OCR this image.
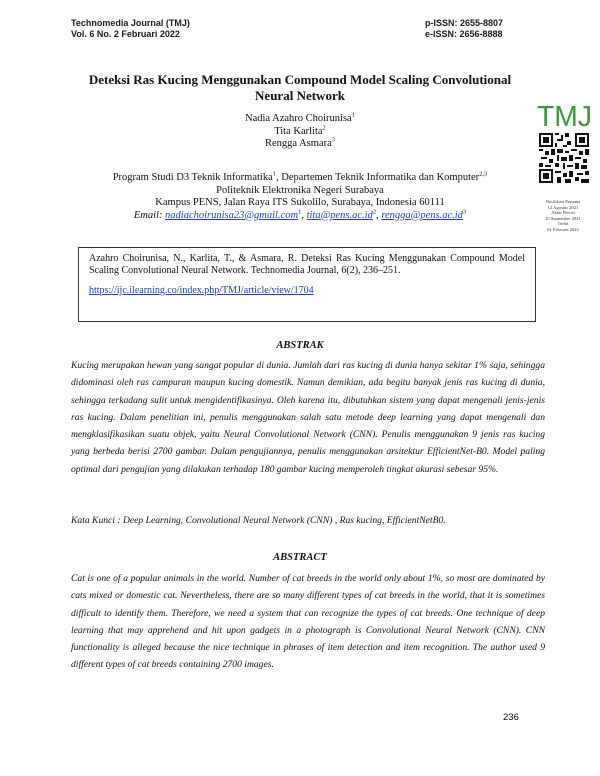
Technomedia Journal (TMJ)
Vol. 6 No. 2 Februari 2022
p-ISSN: 2655-8807
e-ISSN: 2656-8888
Deteksi Ras Kucing Menggunakan Compound Model Scaling Convolutional
Neural Network
Nadia Azahro Choirunisa$^1$
Tita Karlita$^2$
Rengga Asmara$^3$
Program Studi D3 Teknik Informatika$^1$, Departemen Teknik Informatika dan Komputer$^{2,3}$
Politeknik Elektronika Negeri Surabaya
Kampus PENS, Jalan Raya ITS Sukolilo, Surabaya, Indonesia 60111
Email: nadiachoirunisa23@gmail.com$^1$, $tita@pens.ac.id^2$, $rengga@pens.ac.id^3$
TMJ
Notifikasi Pertama
12 Agustus 2021
Akhir Revisi
25 September 2021
Terbit
01 Februari 2022
Azahro Choirunisa, N., Karlita, T., & Asmara, R. Deteksi Ras Kucing Menggunakan Compound Model Scaling Convolutional Neural Network. Technomedia Journal, 6(2), 236–251.
https://ijc.ilearning.co/index.php/TMJ/article/view/1704
ABSTRAK
Kucing merupakan hewan yang sangat popular di dunia. Jumlah dari ras kucing di dunia hanya sekitar 1% saja, sehingga didominasi oleh ras campuran maupun kucing domestik. Namun demikian, ada begitu banyak jenis ras kucing di dunia, sehingga terkadang sulit untuk mengidentifikasinya. Oleh karena itu, dibutuhkan sistem yang dapat mengenali jenis-jenis ras kucing. Dalam penelitian ini, penulis menggunakan salah satu metode deep learning yang dapat mengenali dan mengklasifikasikan suatu objek, yaitu Neural Convolutional Network (CNN). Penulis menggunakan 9 jenis ras kucing yang berbeda berisi 2700 gambar. Dalam pengujiannya, penulis menggunakan arsitektur EfficientNet-B0. Model paling optimal dari pengujian yang dilakukan terhadap 180 gambar kucing memperoleh tingkat akurasi sebesar 95%.
Kata Kunci : Deep Learning, Convolutional Neural Network (CNN) , Ras kucing, EfficientNetB0.
ABSTRACT
Cat is one of a popular animals in the world. Number of cat breeds in the world only about 1%, so most are dominated by cats mixed or domestic cat. Nevertheless, there are so many different types of cat breeds in the world, that it is sometimes difficult to identify them. Therefore, we need a system that can recognize the types of cat breeds. One technique of deep learning that may apprehend and hit upon gadgets in a photograph is Convolutional Neural Network (CNN). CNN functionality is alleged because the nice technique in phrases of item detection and item recognition. The author used 9 different types of cat breeds containing 2700 images.
236
